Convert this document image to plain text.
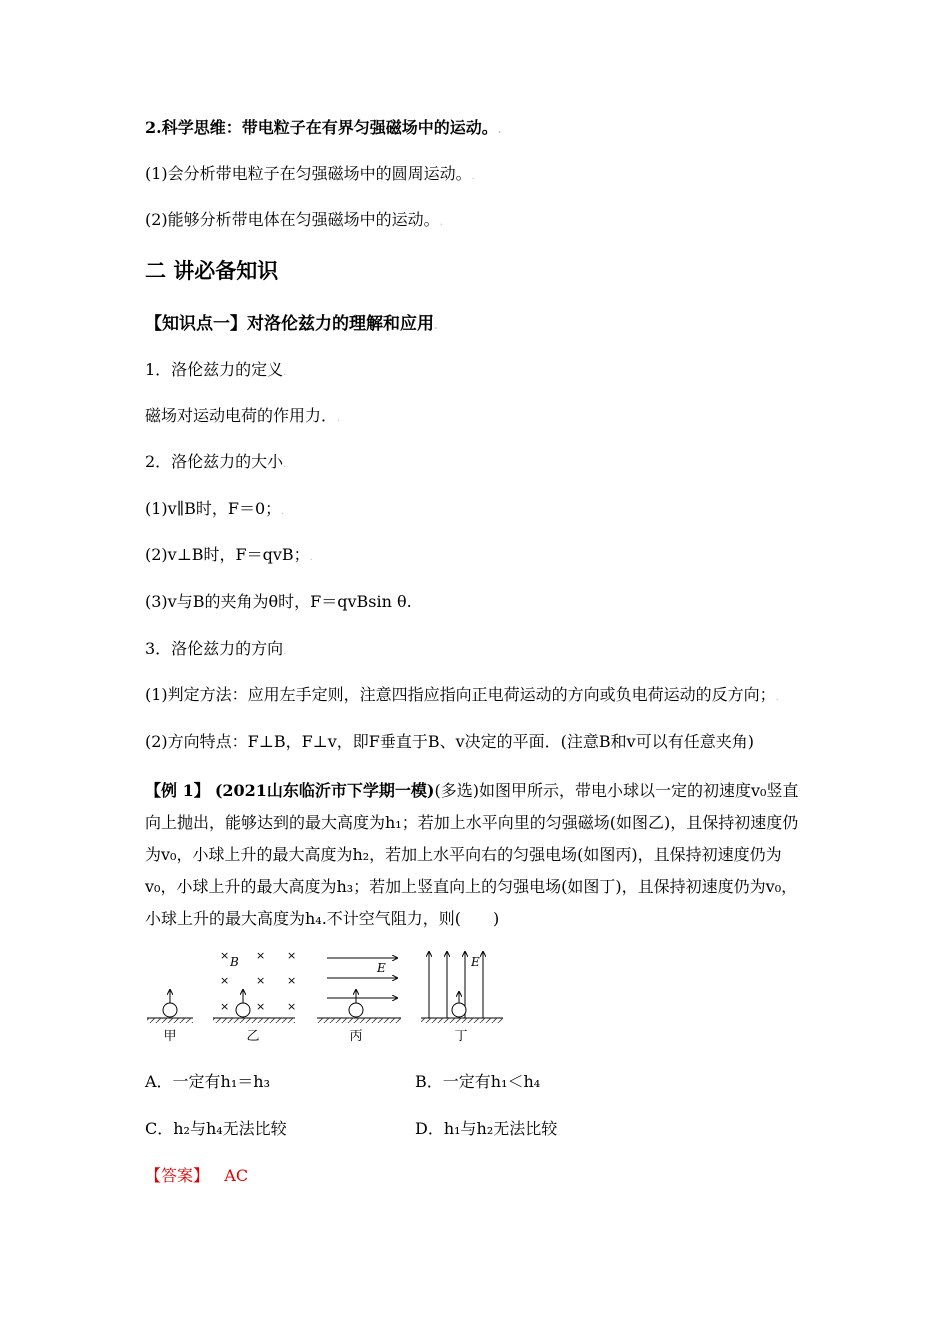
2.科学思维：带电粒子在有界匀强磁场中的运动。.
(1)会分析带电粒子在匀强磁场中的圆周运动。.
(2)能够分析带电体在匀强磁场中的运动。.
二 讲必备知识
【知识点一】对洛伦兹力的理解和应用.
1．洛伦兹力的定义.
磁场对运动电荷的作用力．.
2．洛伦兹力的大小.
(1)v∥B时，F＝0；.
(2)v⊥B时，F＝qvB；.
(3)v与B的夹角为θ时，F＝qvBsin θ.
3．洛伦兹力的方向.
(1)判定方法：应用左手定则，注意四指应指向正电荷运动的方向或负电荷运动的反方向；.
(2)方向特点：F⊥B，F⊥v，即F垂直于B、v决定的平面．(注意B和v可以有任意夹角)
【例 1】 (2021山东临沂市下学期一模)(多选)如图甲所示，带电小球以一定的初速度v₀竖直向上抛出，能够达到的最大高度为h₁；若加上水平向里的匀强磁场(如图乙)，且保持初速度仍为v₀，小球上升的最大高度为h₂，若加上水平向右的匀强电场(如图丙)，且保持初速度仍为v₀，小球上升的最大高度为h₃；若加上竖直向上的匀强电场(如图丁)，且保持初速度仍为v₀，小球上升的最大高度为h₄.不计空气阻力，则(　　)
甲
× × ×
× × ×
× × ×
B
乙
E
丙
E
丁
A．一定有h₁＝h₃	B．一定有h₁＜h₄
C．h₂与h₄无法比较	D．h₁与h₂无法比较
【答案】 AC
